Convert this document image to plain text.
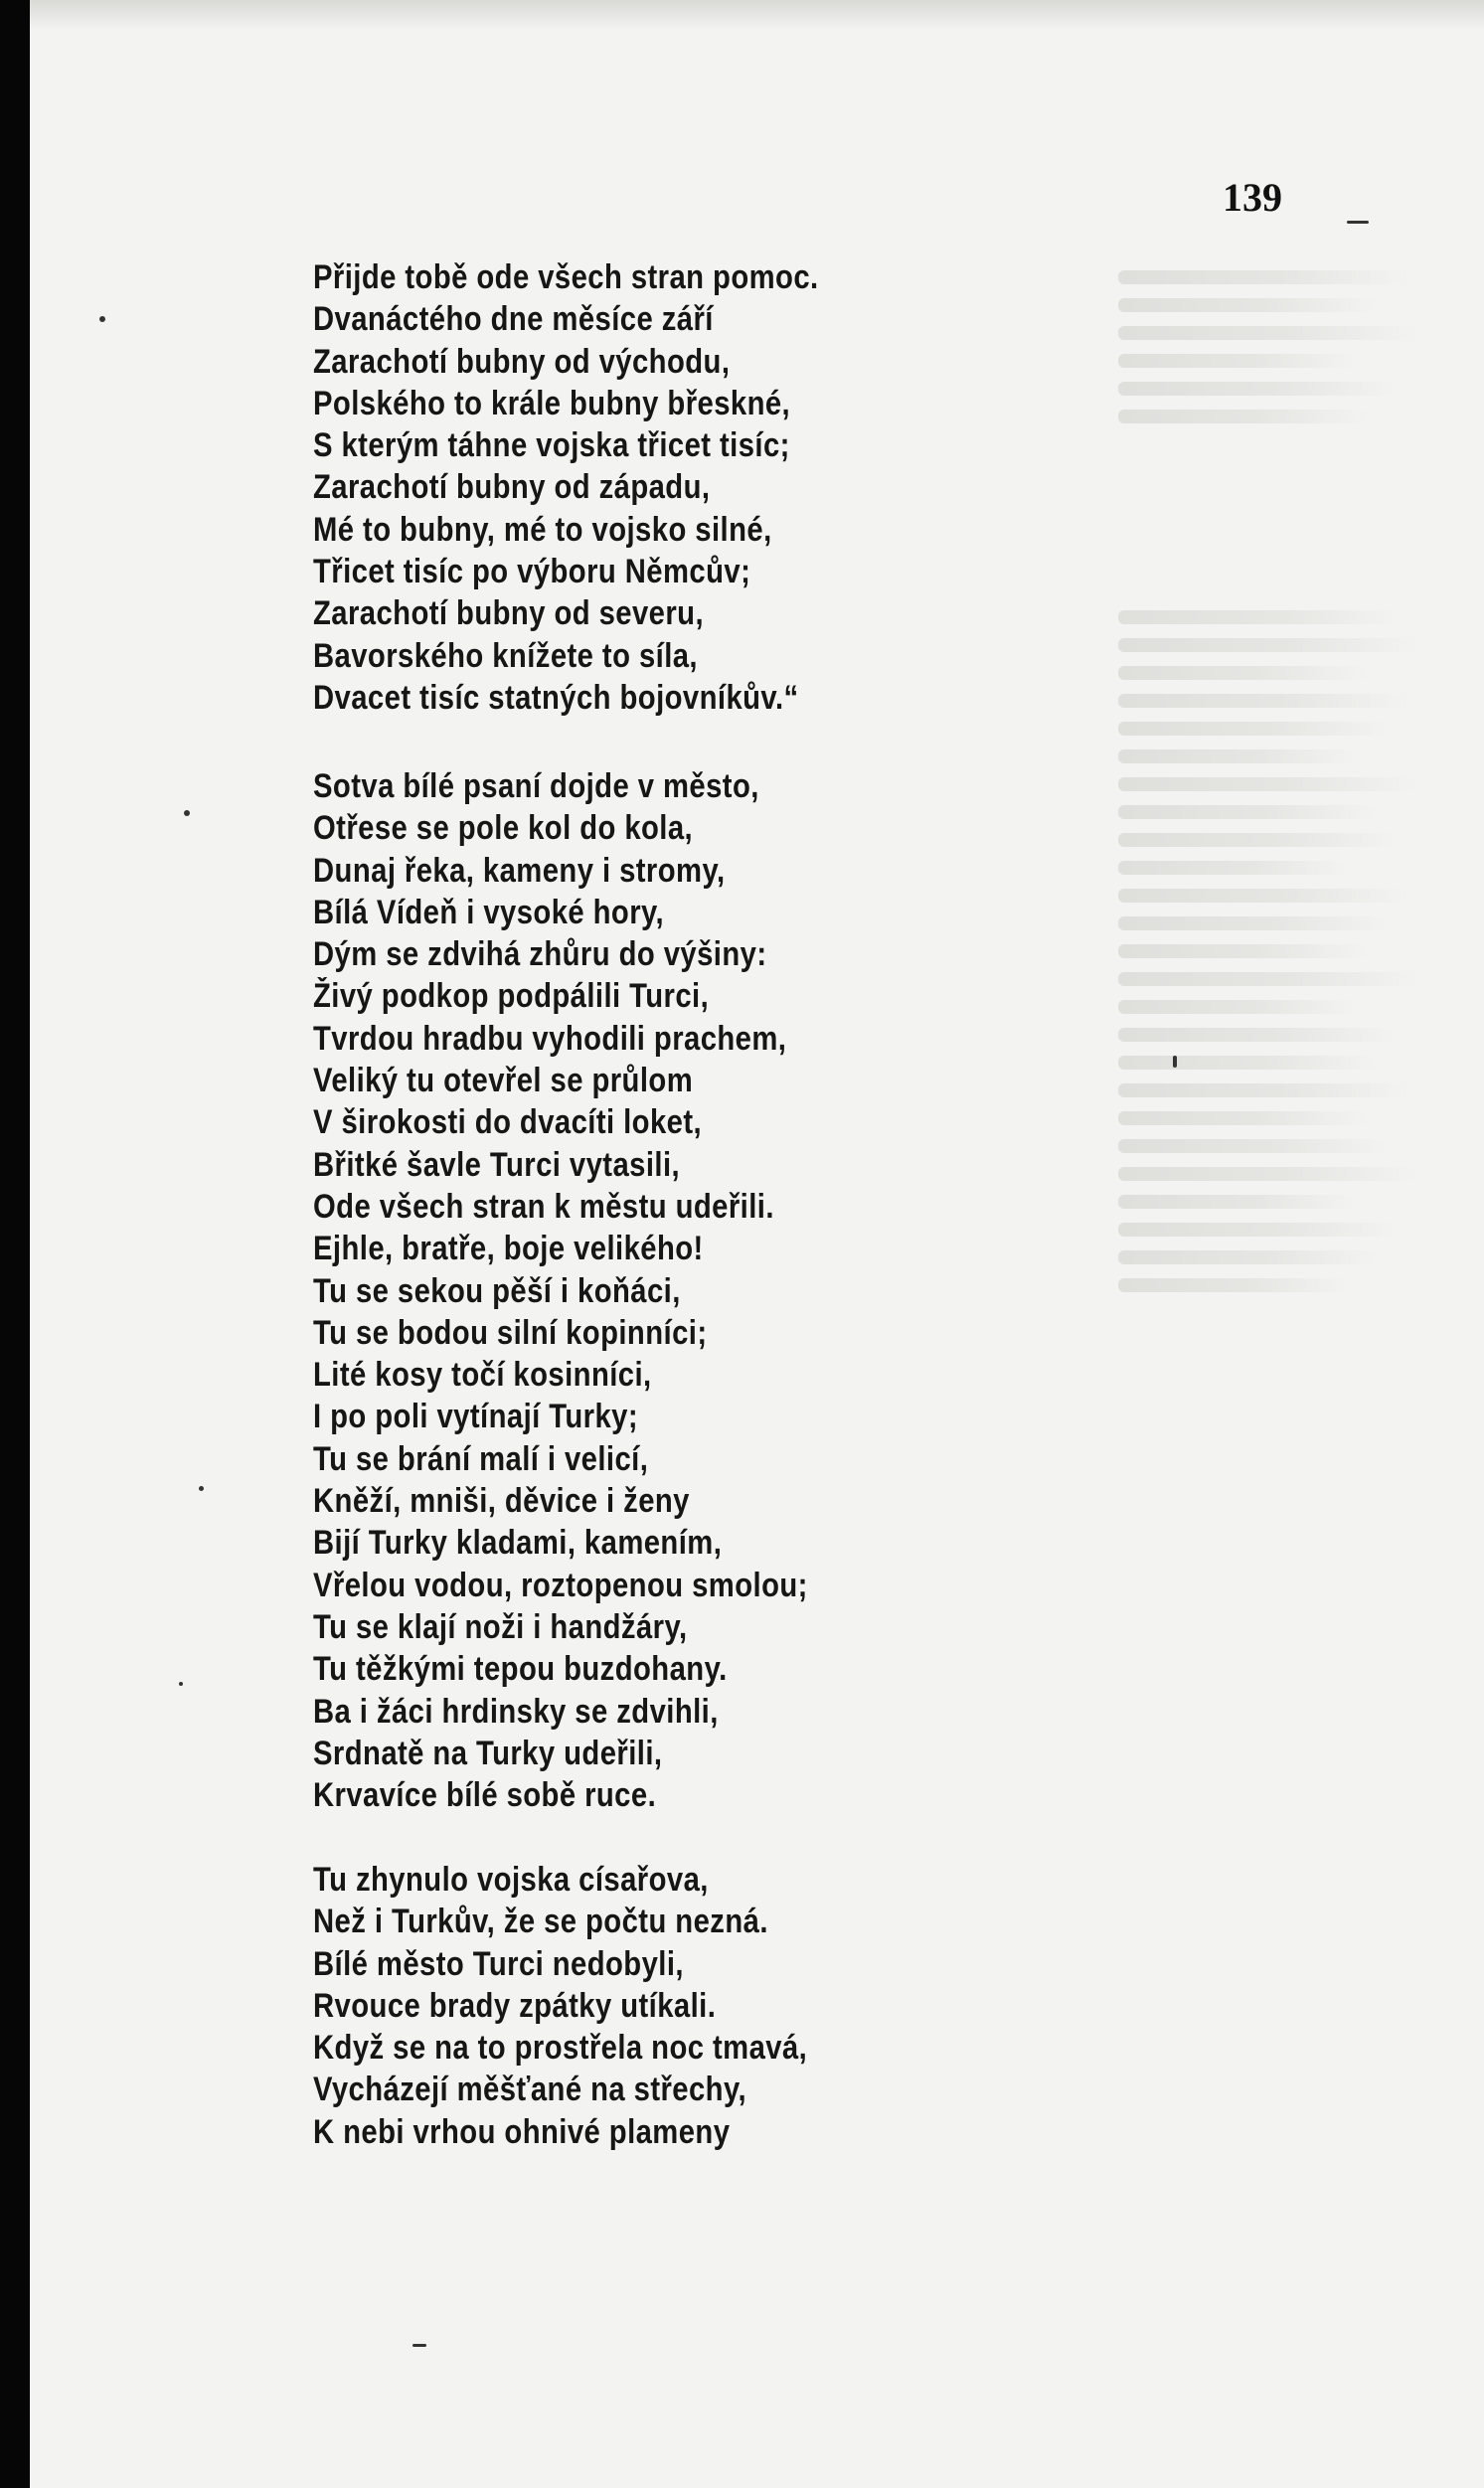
139
Přijde tobě ode všech stran pomoc.
Dvanáctého dne měsíce září
Zarachotí bubny od východu,
Polského to krále bubny břeskné,
S kterým táhne vojska třicet tisíc;
Zarachotí bubny od západu,
Mé to bubny, mé to vojsko silné,
Třicet tisíc po výboru Němcův;
Zarachotí bubny od severu,
Bavorského knížete to síla,
Dvacet tisíc statných bojovníkův.“
Sotva bílé psaní dojde v město,
Otřese se pole kol do kola,
Dunaj řeka, kameny i stromy,
Bílá Vídeň i vysoké hory,
Dým se zdvihá zhůru do výšiny:
Živý podkop podpálili Turci,
Tvrdou hradbu vyhodili prachem,
Veliký tu otevřel se průlom
V širokosti do dvacíti loket,
Břitké šavle Turci vytasili,
Ode všech stran k městu udeřili.
Ejhle, bratře, boje velikého!
Tu se sekou pěší i koňáci,
Tu se bodou silní kopinníci;
Lité kosy točí kosinníci,
I po poli vytínají Turky;
Tu se brání malí i velicí,
Kněží, mniši, děvice i ženy
Bijí Turky kladami, kamením,
Vřelou vodou, roztopenou smolou;
Tu se klají noži i handžáry,
Tu těžkými tepou buzdohany.
Ba i žáci hrdinsky se zdvihli,
Srdnatě na Turky udeřili,
Krvavíce bílé sobě ruce.
Tu zhynulo vojska císařova,
Než i Turkův, že se počtu nezná.
Bílé město Turci nedobyli,
Rvouce brady zpátky utíkali.
Když se na to prostřela noc tmavá,
Vycházejí měšťané na střechy,
K nebi vrhou ohnivé plameny
